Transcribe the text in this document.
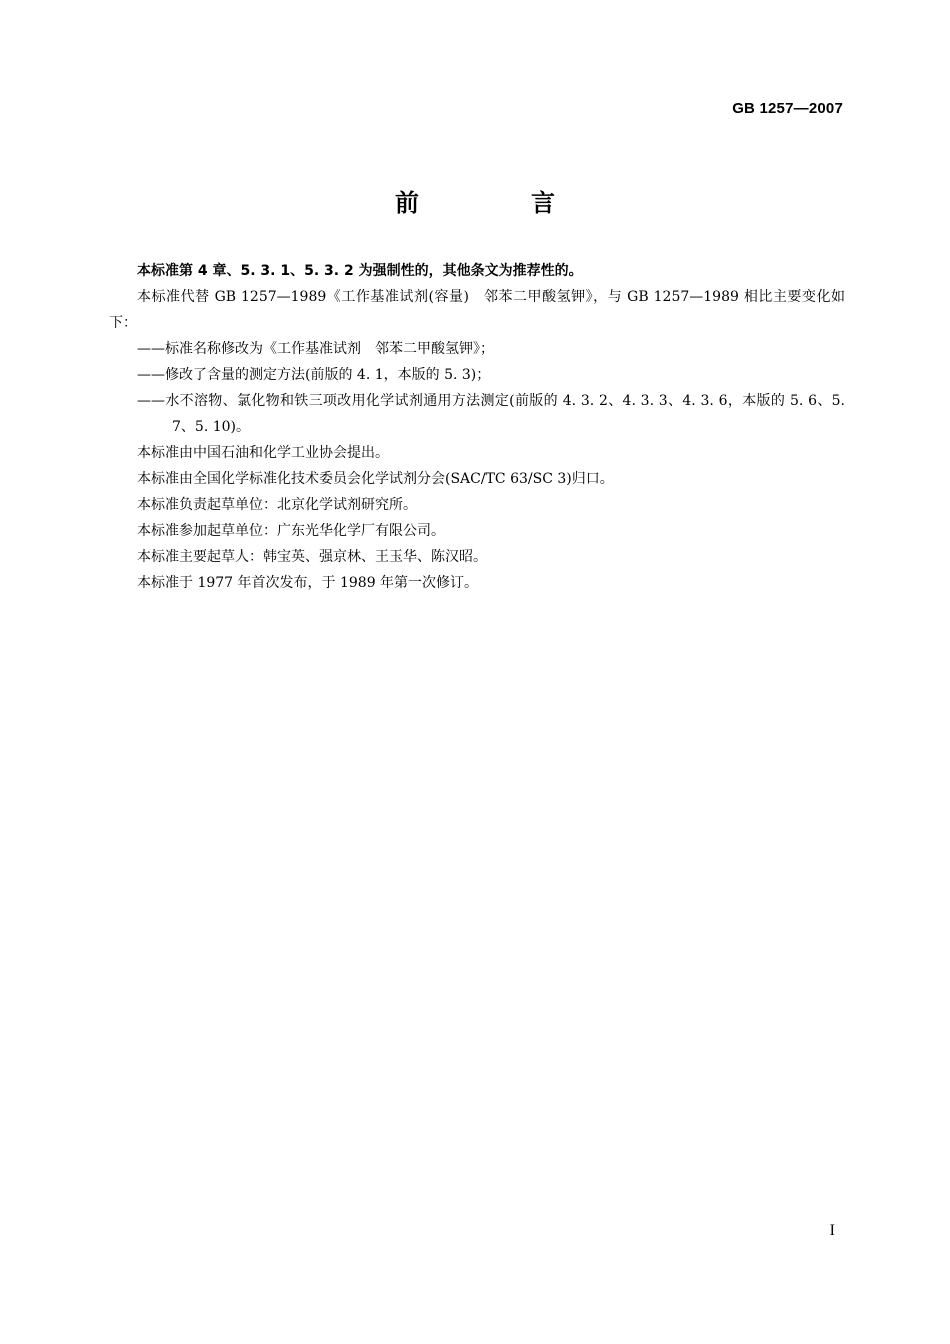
GB 1257—2007
前　言

本标准第 4 章、5. 3. 1、5. 3. 2 为强制性的，其他条文为推荐性的。

本标准代替 GB 1257—1989《工作基准试剂(容量)　邻苯二甲酸氢钾》，与 GB 1257—1989 相比主要变化如下：

——标准名称修改为《工作基准试剂　邻苯二甲酸氢钾》；

——修改了含量的测定方法(前版的 4. 1，本版的 5. 3)；

——水不溶物、氯化物和铁三项改用化学试剂通用方法测定(前版的 4. 3. 2、4. 3. 3、4. 3. 6，本版的 5. 6、5. 7、5. 10)。

本标准由中国石油和化学工业协会提出。

本标准由全国化学标准化技术委员会化学试剂分会(SAC/TC 63/SC 3)归口。

本标准负责起草单位：北京化学试剂研究所。

本标准参加起草单位：广东光华化学厂有限公司。

本标准主要起草人：韩宝英、强京林、王玉华、陈汉昭。

本标准于 1977 年首次发布，于 1989 年第一次修订。

I
